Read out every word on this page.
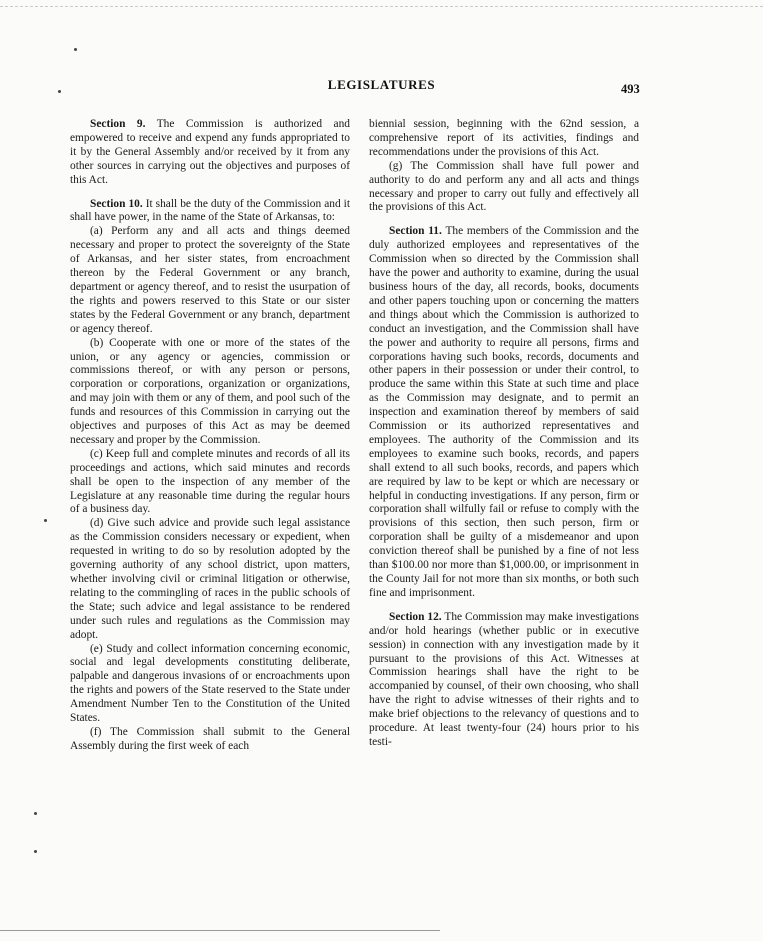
LEGISLATURES	493

Section 9. The Commission is authorized and empowered to receive and expend any funds appropriated to it by the General Assembly and/or received by it from any other sources in carrying out the objectives and purposes of this Act.

Section 10. It shall be the duty of the Commission and it shall have power, in the name of the State of Arkansas, to:

(a) Perform any and all acts and things deemed necessary and proper to protect the sovereignty of the State of Arkansas, and her sister states, from encroachment thereon by the Federal Government or any branch, department or agency thereof, and to resist the usurpation of the rights and powers reserved to this State or our sister states by the Federal Government or any branch, department or agency thereof.

(b) Cooperate with one or more of the states of the union, or any agency or agencies, commission or commissions thereof, or with any person or persons, corporation or corporations, organization or organizations, and may join with them or any of them, and pool such of the funds and resources of this Commission in carrying out the objectives and purposes of this Act as may be deemed necessary and proper by the Commission.

(c) Keep full and complete minutes and records of all its proceedings and actions, which said minutes and records shall be open to the inspection of any member of the Legislature at any reasonable time during the regular hours of a business day.

(d) Give such advice and provide such legal assistance as the Commission considers necessary or expedient, when requested in writing to do so by resolution adopted by the governing authority of any school district, upon matters, whether involving civil or criminal litigation or otherwise, relating to the commingling of races in the public schools of the State; such advice and legal assistance to be rendered under such rules and regulations as the Commission may adopt.

(e) Study and collect information concerning economic, social and legal developments constituting deliberate, palpable and dangerous invasions of or encroachments upon the rights and powers of the State reserved to the State under Amendment Number Ten to the Constitution of the United States.

(f) The Commission shall submit to the General Assembly during the first week of each

biennial session, beginning with the 62nd session, a comprehensive report of its activities, findings and recommendations under the provisions of this Act.

(g) The Commission shall have full power and authority to do and perform any and all acts and things necessary and proper to carry out fully and effectively all the provisions of this Act.

Section 11. The members of the Commission and the duly authorized employees and representatives of the Commission when so directed by the Commission shall have the power and authority to examine, during the usual business hours of the day, all records, books, documents and other papers touching upon or concerning the matters and things about which the Commission is authorized to conduct an investigation, and the Commission shall have the power and authority to require all persons, firms and corporations having such books, records, documents and other papers in their possession or under their control, to produce the same within this State at such time and place as the Commission may designate, and to permit an inspection and examination thereof by members of said Commission or its authorized representatives and employees. The authority of the Commission and its employees to examine such books, records, and papers shall extend to all such books, records, and papers which are required by law to be kept or which are necessary or helpful in conducting investigations. If any person, firm or corporation shall wilfully fail or refuse to comply with the provisions of this section, then such person, firm or corporation shall be guilty of a misdemeanor and upon conviction thereof shall be punished by a fine of not less than $100.00 nor more than $1,000.00, or imprisonment in the County Jail for not more than six months, or both such fine and imprisonment.

Section 12. The Commission may make investigations and/or hold hearings (whether public or in executive session) in connection with any investigation made by it pursuant to the provisions of this Act. Witnesses at Commission hearings shall have the right to be accompanied by counsel, of their own choosing, who shall have the right to advise witnesses of their rights and to make brief objections to the relevancy of questions and to procedure. At least twenty-four (24) hours prior to his testi-
